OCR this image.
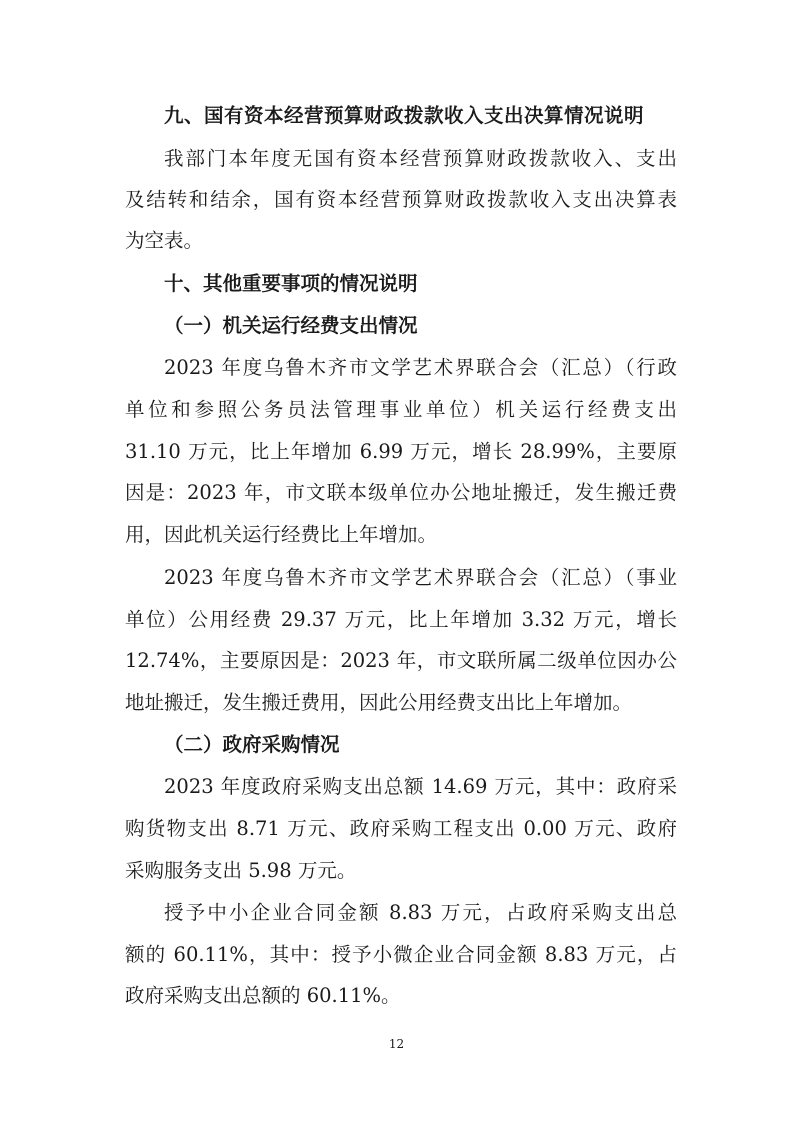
九、国有资本经营预算财政拨款收入支出决算情况说明
我部门本年度无国有资本经营预算财政拨款收入、支出
及结转和结余，国有资本经营预算财政拨款收入支出决算表
为空表。
十、其他重要事项的情况说明
（一）机关运行经费支出情况
2023 年度乌鲁木齐市文学艺术界联合会（汇总）（行政
单位和参照公务员法管理事业单位）机关运行经费支出
31.10 万元，比上年增加 6.99 万元，增长 28.99%，主要原
因是：2023 年，市文联本级单位办公地址搬迁，发生搬迁费
用，因此机关运行经费比上年增加。
2023 年度乌鲁木齐市文学艺术界联合会（汇总）（事业
单位）公用经费 29.37 万元，比上年增加 3.32 万元，增长
12.74%，主要原因是：2023 年，市文联所属二级单位因办公
地址搬迁，发生搬迁费用，因此公用经费支出比上年增加。
（二）政府采购情况
2023 年度政府采购支出总额 14.69 万元，其中：政府采
购货物支出 8.71 万元、政府采购工程支出 0.00 万元、政府
采购服务支出 5.98 万元。
授予中小企业合同金额 8.83 万元，占政府采购支出总
额的 60.11%，其中：授予小微企业合同金额 8.83 万元，占
政府采购支出总额的 60.11%。
12
